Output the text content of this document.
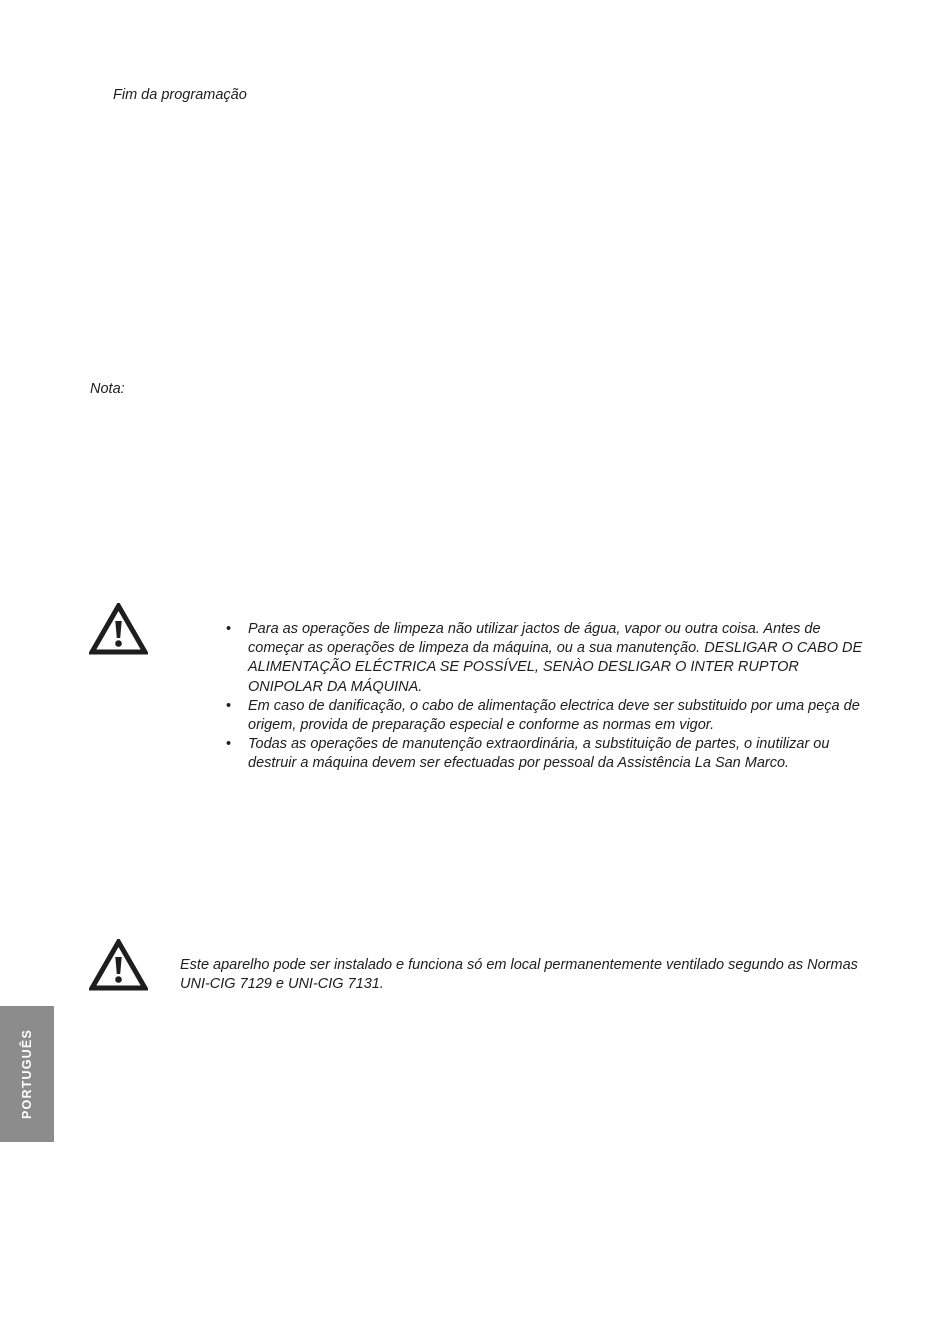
Fim da programação
Nota:
• Para as operações de limpeza não utilizar jactos de água, vapor ou outra coisa. Antes de começar as operações de limpeza da máquina, ou a sua manutenção. DESLIGAR O CABO DE ALIMENTAÇÃO ELÉCTRICA SE POSSÍVEL, SENÀO DESLIGAR O INTER RUPTOR ONIPOLAR DA MÁQUINA.
• Em caso de danificação, o cabo de alimentação electrica deve ser substituido por uma peça de origem, provida de preparação especial e conforme as normas em vigor.
• Todas as operações de manutenção extraordinária, a substituição de partes, o inutilizar ou destruir a máquina devem ser efectuadas por pessoal da Assistência La San Marco.

Este aparelho pode ser instalado e funciona só em local permanentemente ventilado segundo as Normas UNI-CIG 7129 e UNI-CIG 7131.

PORTUGUÊS
